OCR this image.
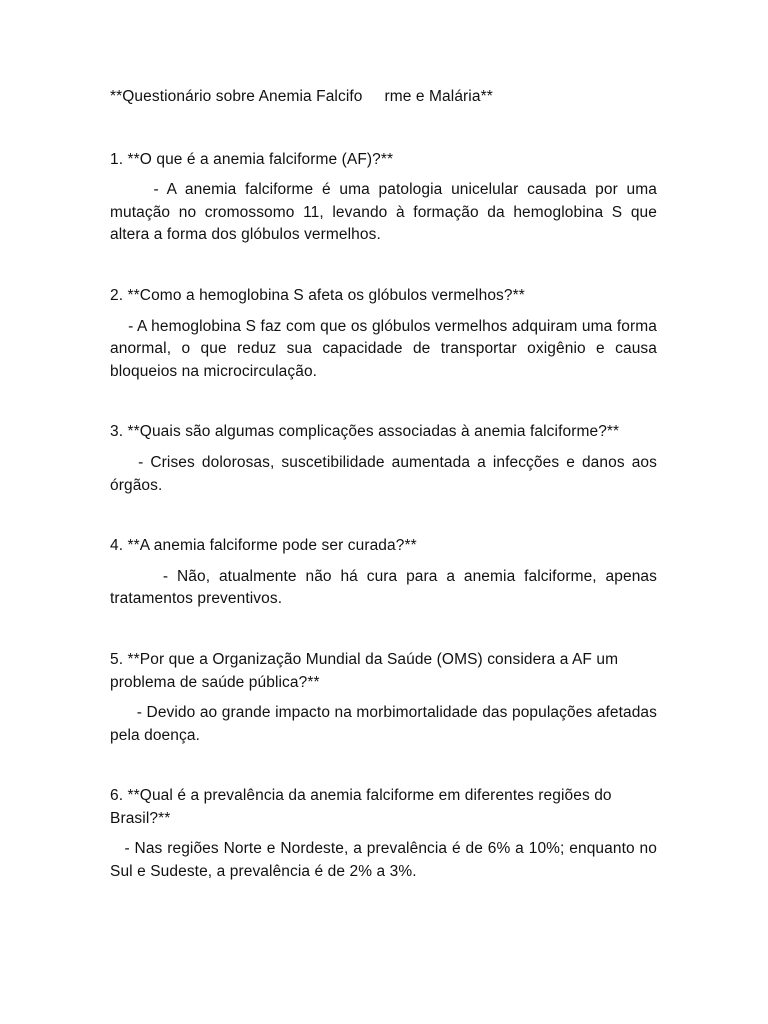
**Questionário sobre Anemia Falcifo     rme e Malária**

1. **O que é a anemia falciforme (AF)?**

- A anemia falciforme é uma patologia unicelular causada por uma mutação no cromossomo 11, levando à formação da hemoglobina S que altera a forma dos glóbulos vermelhos.

2. **Como a hemoglobina S afeta os glóbulos vermelhos?**

- A hemoglobina S faz com que os glóbulos vermelhos adquiram uma forma anormal, o que reduz sua capacidade de transportar oxigênio e causa bloqueios na microcirculação.

3. **Quais são algumas complicações associadas à anemia falciforme?**

- Crises dolorosas, suscetibilidade aumentada a infecções e danos aos órgãos.

4. **A anemia falciforme pode ser curada?**

- Não, atualmente não há cura para a anemia falciforme, apenas tratamentos preventivos.

5. **Por que a Organização Mundial da Saúde (OMS) considera a AF um problema de saúde pública?**

- Devido ao grande impacto na morbimortalidade das populações afetadas pela doença.

6. **Qual é a prevalência da anemia falciforme em diferentes regiões do Brasil?**

- Nas regiões Norte e Nordeste, a prevalência é de 6% a 10%; enquanto no Sul e Sudeste, a prevalência é de 2% a 3%.
